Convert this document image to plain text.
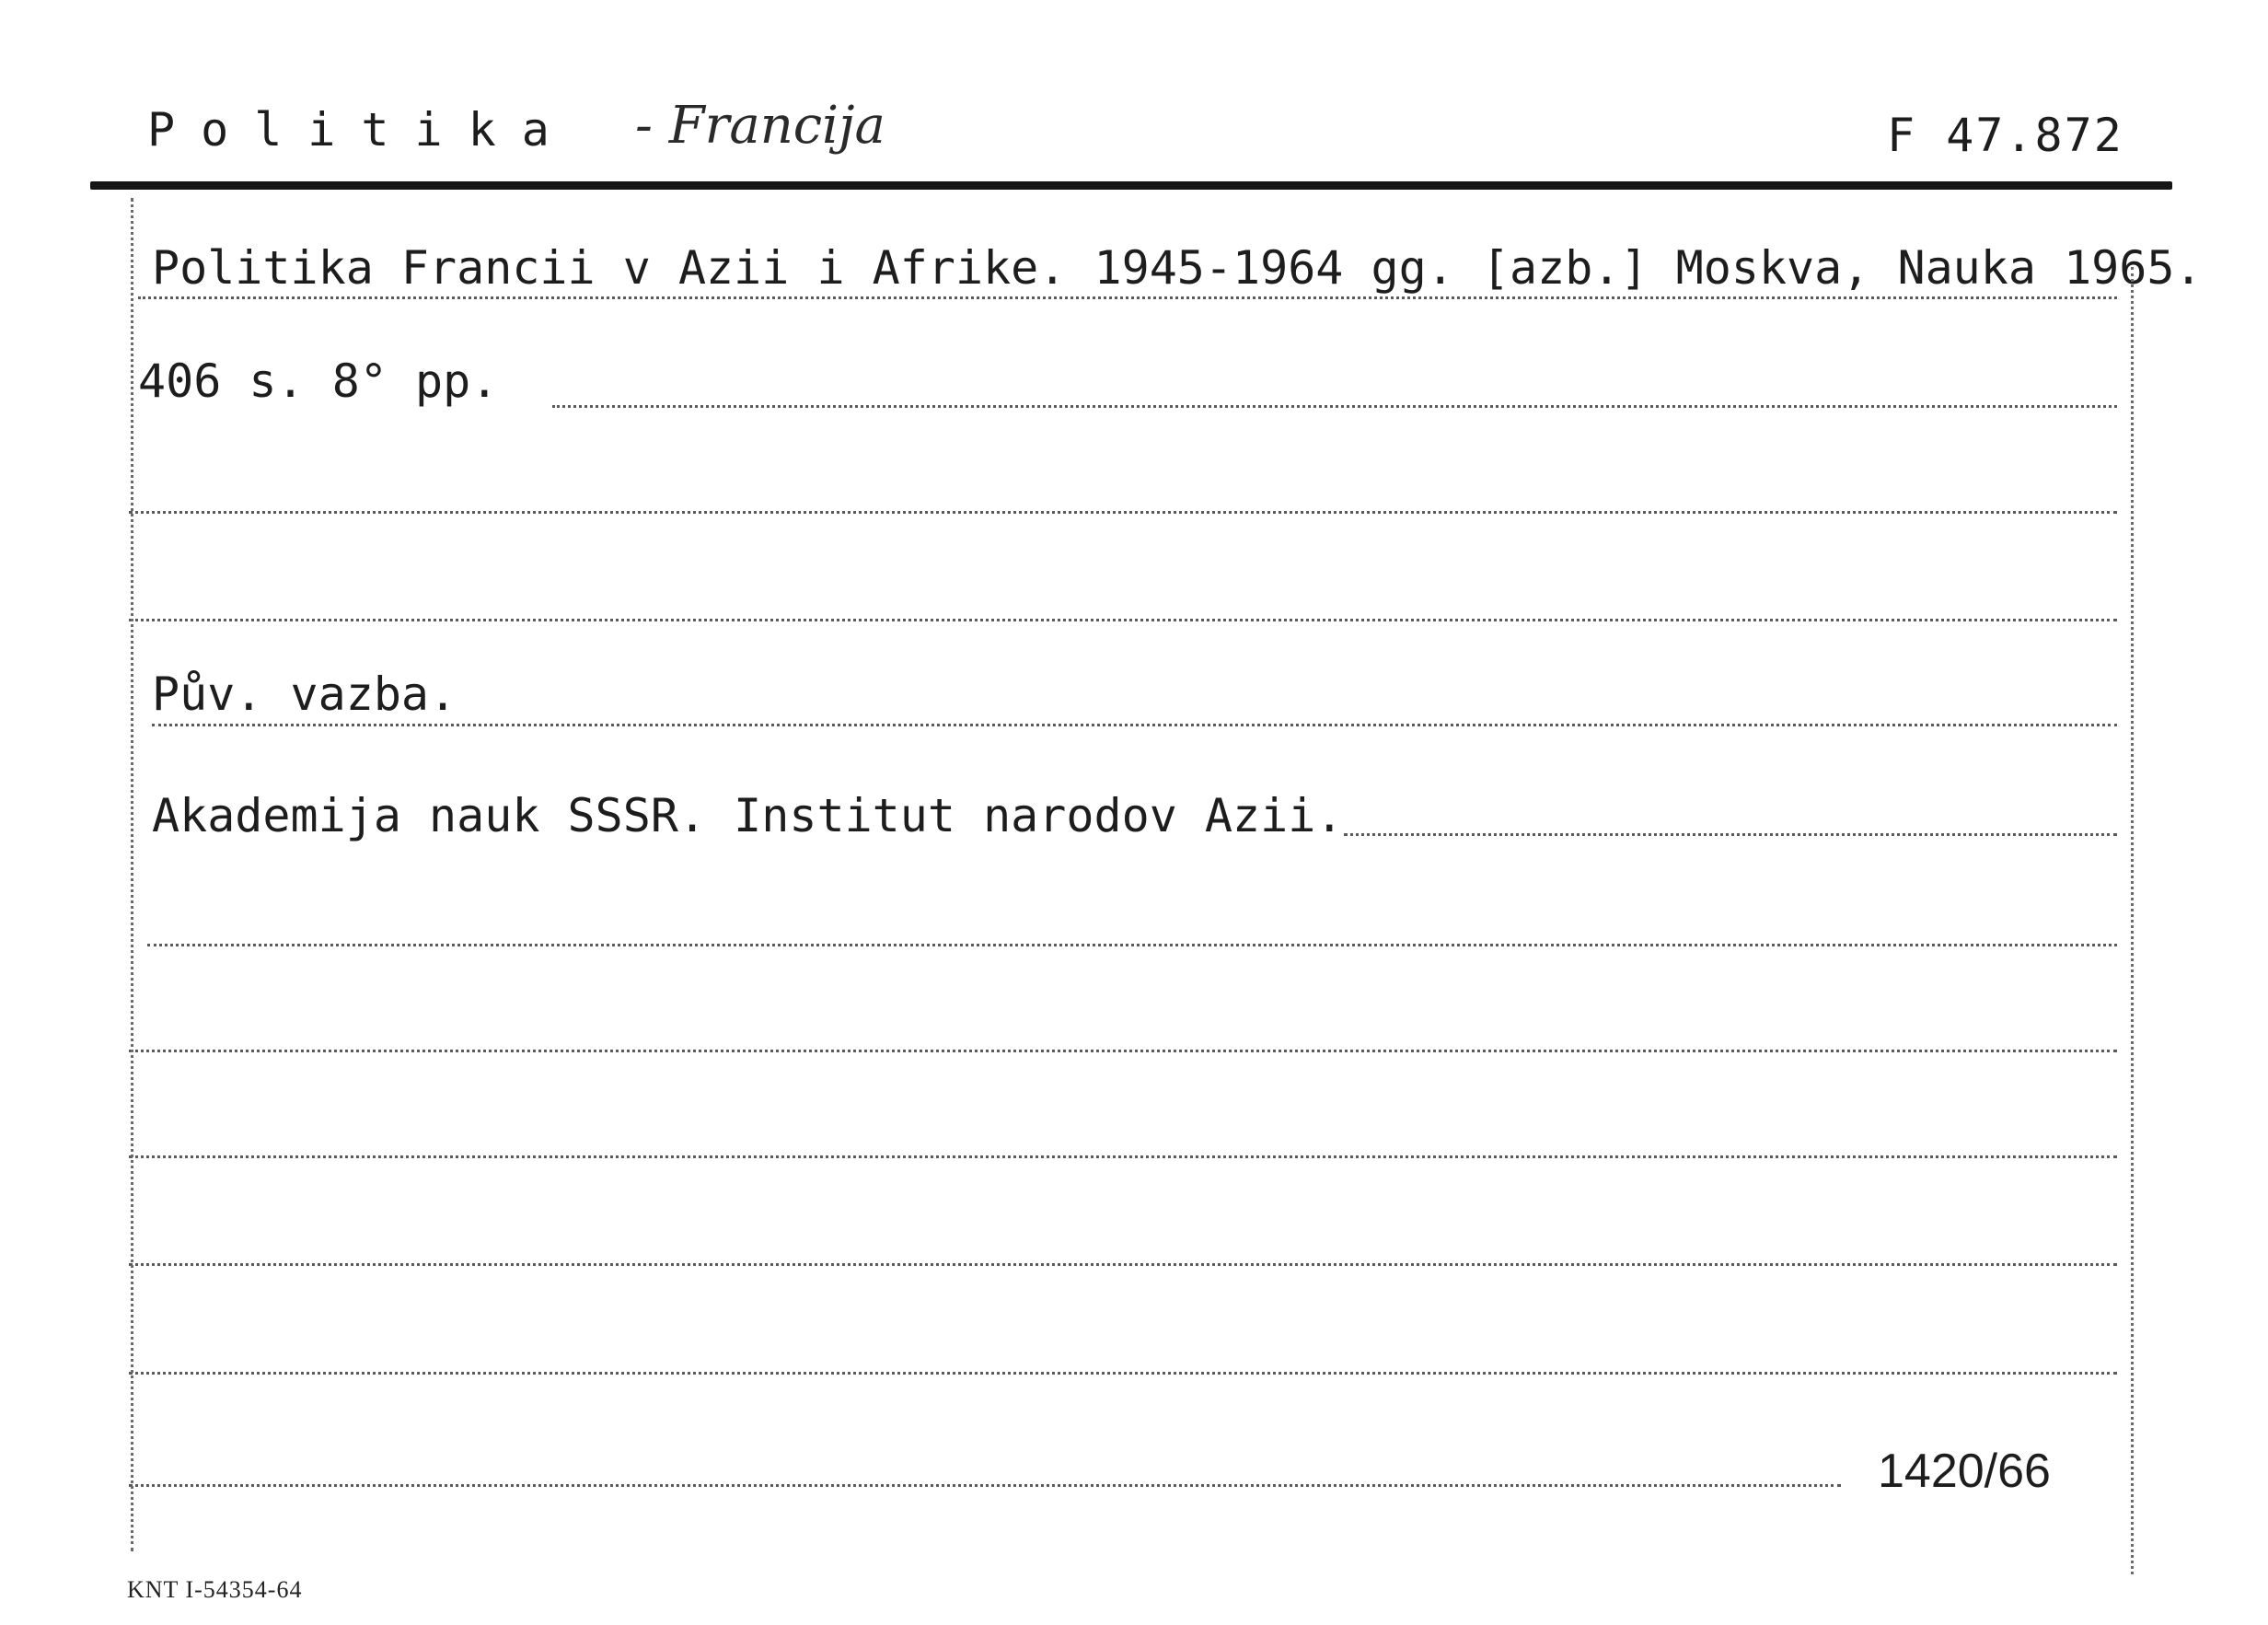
Politika - Francija	F 47.872
Politika Francii v Azii i Afrike. 1945-1964 gg. [azb.] Moskva, Nauka 1965.
406 s. 8° pp.
Pův. vazba.
Akademija nauk SSSR. Institut narodov Azii.
1420/66
KNT I-54354-64
